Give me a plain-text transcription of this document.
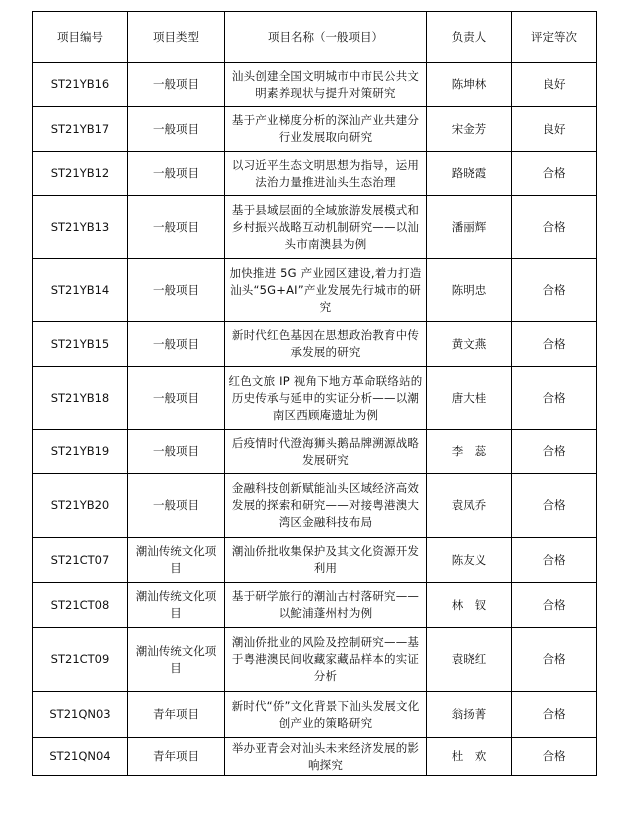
项目编号	项目类型	项目名称（一般项目）	负责人	评定等次
ST21YB16	一般项目	汕头创建全国文明城市中市民公共文明素养现状与提升对策研究	陈坤林	良好
ST21YB17	一般项目	基于产业梯度分析的深汕产业共建分行业发展取向研究	宋金芳	良好
ST21YB12	一般项目	以习近平生态文明思想为指导，运用法治力量推进汕头生态治理	路晓霞	合格
ST21YB13	一般项目	基于县域层面的全域旅游发展模式和乡村振兴战略互动机制研究——以汕头市南澳县为例	潘丽辉	合格
ST21YB14	一般项目	加快推进 5G 产业园区建设,着力打造汕头“5G+AI”产业发展先行城市的研究	陈明忠	合格
ST21YB15	一般项目	新时代红色基因在思想政治教育中传承发展的研究	黄文燕	合格
ST21YB18	一般项目	红色文旅 IP 视角下地方革命联络站的历史传承与延申的实证分析——以潮南区西顾庵遗址为例	唐大桂	合格
ST21YB19	一般项目	后疫情时代澄海狮头鹅品牌溯源战略发展研究	李　蕊	合格
ST21YB20	一般项目	金融科技创新赋能汕头区域经济高效发展的探索和研究——对接粤港澳大湾区金融科技布局	袁凤乔	合格
ST21CT07	潮汕传统文化项目	潮汕侨批收集保护及其文化资源开发利用	陈友义	合格
ST21CT08	潮汕传统文化项目	基于研学旅行的潮汕古村落研究——以鮀浦蓬州村为例	林　钗	合格
ST21CT09	潮汕传统文化项目	潮汕侨批业的风险及控制研究——基于粤港澳民间收藏家藏品样本的实证分析	袁晓红	合格
ST21QN03	青年项目	新时代“侨”文化背景下汕头发展文化创产业的策略研究	翁扬菁	合格
ST21QN04	青年项目	举办亚青会对汕头未来经济发展的影响探究	杜　欢	合格
